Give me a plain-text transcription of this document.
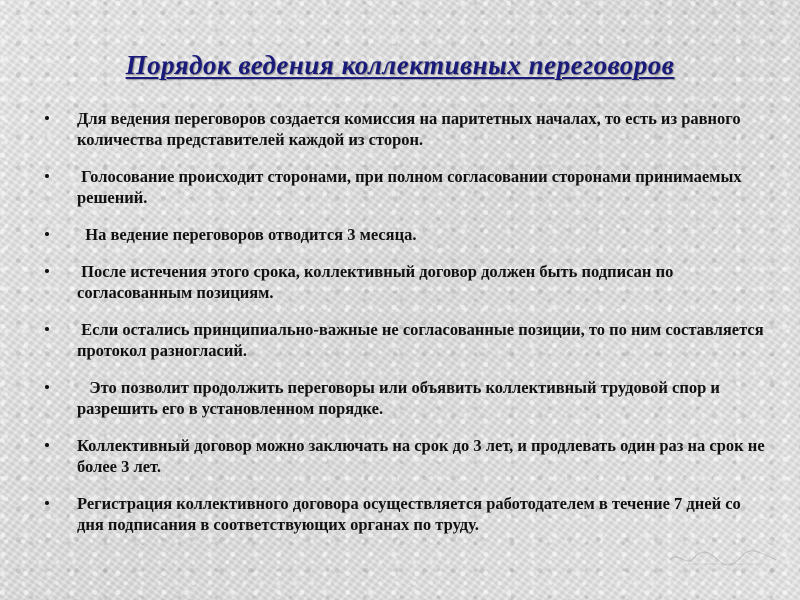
Порядок ведения коллективных переговоров
Для ведения переговоров создается комиссия на паритетных началах, то есть из равного количества представителей каждой из сторон.
Голосование происходит сторонами, при полном согласовании сторонами принимаемых решений.
На ведение переговоров отводится 3 месяца.
После истечения этого срока, коллективный договор должен быть подписан по согласованным позициям.
Если остались принципиально-важные не согласованные позиции, то по ним составляется протокол разногласий.
Это позволит продолжить переговоры или объявить коллективный трудовой спор и разрешить его в установленном порядке.
Коллективный договор можно заключать на срок до 3 лет, и продлевать один раз на срок не более 3 лет.
Регистрация коллективного договора осуществляется работодателем в течение 7 дней со дня подписания в соответствующих органах по труду.
